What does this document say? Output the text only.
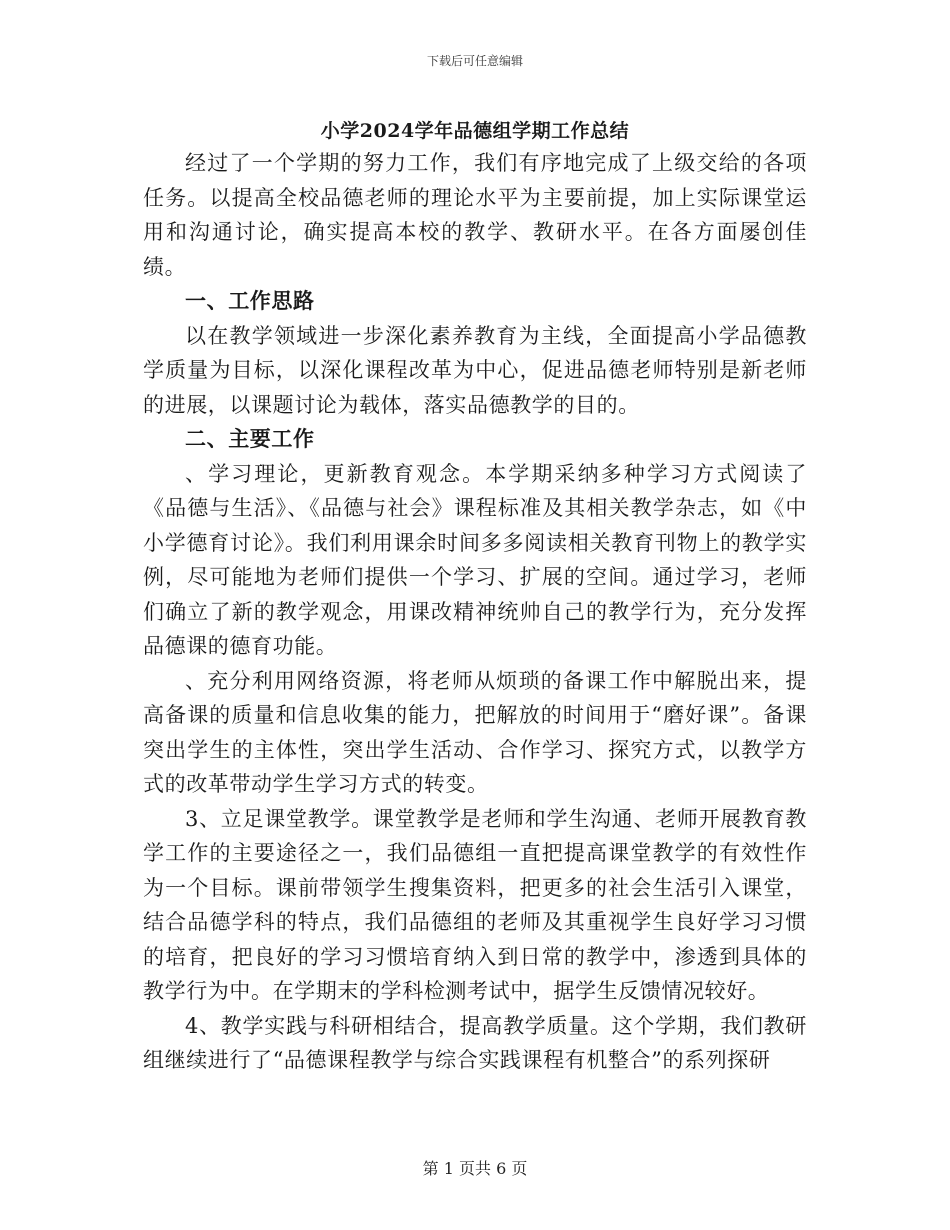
下载后可任意编辑
小学2024学年品德组学期工作总结

经过了一个学期的努力工作，我们有序地完成了上级交给的各项任务。以提高全校品德老师的理论水平为主要前提，加上实际课堂运用和沟通讨论，确实提高本校的教学、教研水平。在各方面屡创佳绩。

一、工作思路

以在教学领域进一步深化素养教育为主线，全面提高小学品德教学质量为目标，以深化课程改革为中心，促进品德老师特别是新老师的进展，以课题讨论为载体，落实品德教学的目的。

二、主要工作

、学习理论，更新教育观念。本学期采纳多种学习方式阅读了《品德与生活》、《品德与社会》课程标准及其相关教学杂志，如《中小学德育讨论》。我们利用课余时间多多阅读相关教育刊物上的教学实例，尽可能地为老师们提供一个学习、扩展的空间。通过学习，老师们确立了新的教学观念，用课改精神统帅自己的教学行为，充分发挥品德课的德育功能。

、充分利用网络资源，将老师从烦琐的备课工作中解脱出来，提高备课的质量和信息收集的能力，把解放的时间用于“磨好课”。备课突出学生的主体性，突出学生活动、合作学习、探究方式，以教学方式的改革带动学生学习方式的转变。

3、立足课堂教学。课堂教学是老师和学生沟通、老师开展教育教学工作的主要途径之一，我们品德组一直把提高课堂教学的有效性作为一个目标。课前带领学生搜集资料，把更多的社会生活引入课堂，结合品德学科的特点，我们品德组的老师及其重视学生良好学习习惯的培育，把良好的学习习惯培育纳入到日常的教学中，渗透到具体的教学行为中。在学期末的学科检测考试中，据学生反馈情况较好。

4、教学实践与科研相结合，提高教学质量。这个学期，我们教研组继续进行了“品德课程教学与综合实践课程有机整合”的系列探研

第 1 页共 6 页
